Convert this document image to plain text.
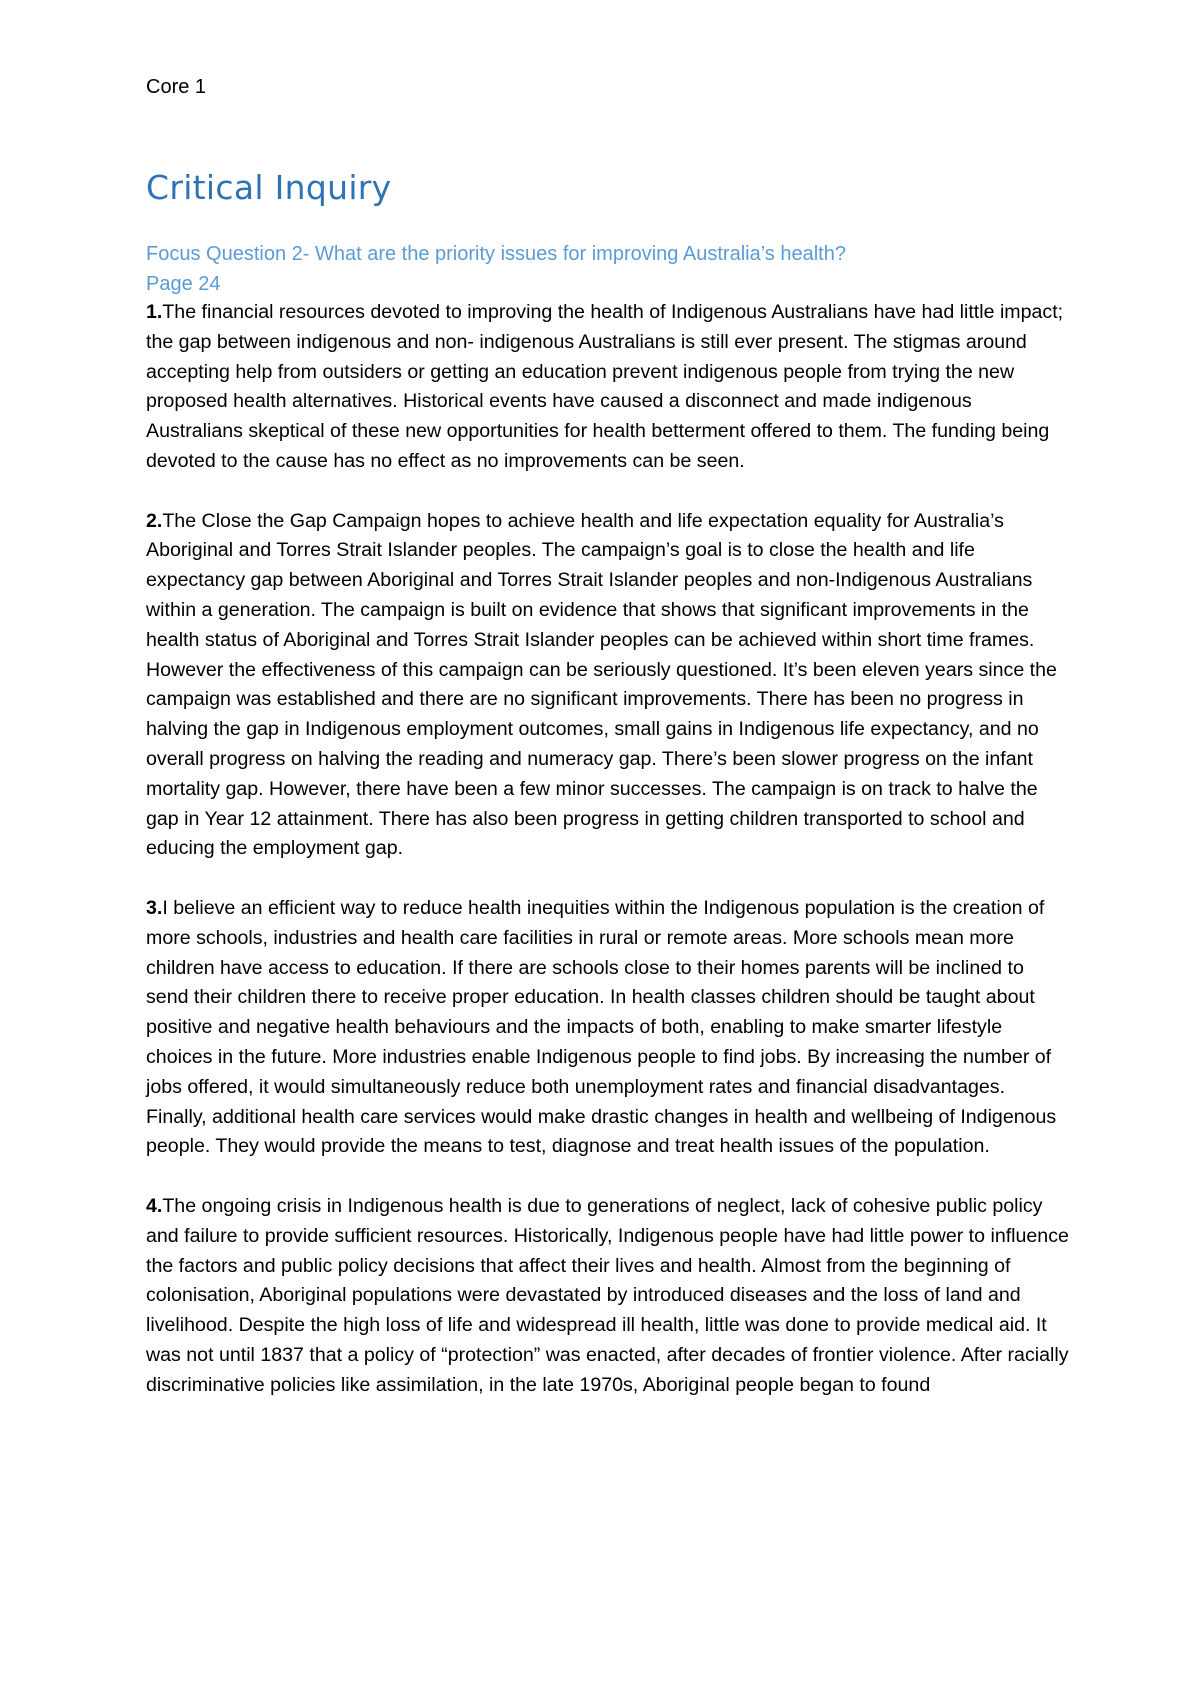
Core 1
Critical Inquiry
Focus Question 2- What are the priority issues for improving Australia’s health?
Page 24

1.The financial resources devoted to improving the health of Indigenous Australians have had little impact; the gap between indigenous and non- indigenous Australians is still ever present. The stigmas around accepting help from outsiders or getting an education prevent indigenous people from trying the new proposed health alternatives. Historical events have caused a disconnect and made indigenous Australians skeptical of these new opportunities for health betterment offered to them. The funding being devoted to the cause has no effect as no improvements can be seen.

2.The Close the Gap Campaign hopes to achieve health and life expectation equality for Australia’s Aboriginal and Torres Strait Islander peoples. The campaign’s goal is to close the health and life expectancy gap between Aboriginal and Torres Strait Islander peoples and non-Indigenous Australians within a generation. The campaign is built on evidence that shows that significant improvements in the health status of Aboriginal and Torres Strait Islander peoples can be achieved within short time frames. However the effectiveness of this campaign can be seriously questioned. It’s been eleven years since the campaign was established and there are no significant improvements. There has been no progress in halving the gap in Indigenous employment outcomes, small gains in Indigenous life expectancy, and no overall progress on halving the reading and numeracy gap. There’s been slower progress on the infant mortality gap. However, there have been a few minor successes. The campaign is on track to halve the gap in Year 12 attainment. There has also been progress in getting children transported to school and educing the employment gap.

3.I believe an efficient way to reduce health inequities within the Indigenous population is the creation of more schools, industries and health care facilities in rural or remote areas. More schools mean more children have access to education. If there are schools close to their homes parents will be inclined to send their children there to receive proper education. In health classes children should be taught about positive and negative health behaviours and the impacts of both, enabling to make smarter lifestyle choices in the future. More industries enable Indigenous people to find jobs. By increasing the number of jobs offered, it would simultaneously reduce both unemployment rates and financial disadvantages. Finally, additional health care services would make drastic changes in health and wellbeing of Indigenous people. They would provide the means to test, diagnose and treat health issues of the population.

4.The ongoing crisis in Indigenous health is due to generations of neglect, lack of cohesive public policy and failure to provide sufficient resources. Historically, Indigenous people have had little power to influence the factors and public policy decisions that affect their lives and health. Almost from the beginning of colonisation, Aboriginal populations were devastated by introduced diseases and the loss of land and livelihood. Despite the high loss of life and widespread ill health, little was done to provide medical aid. It was not until 1837 that a policy of “protection” was enacted, after decades of frontier violence. After racially discriminative policies like assimilation, in the late 1970s, Aboriginal people began to found
